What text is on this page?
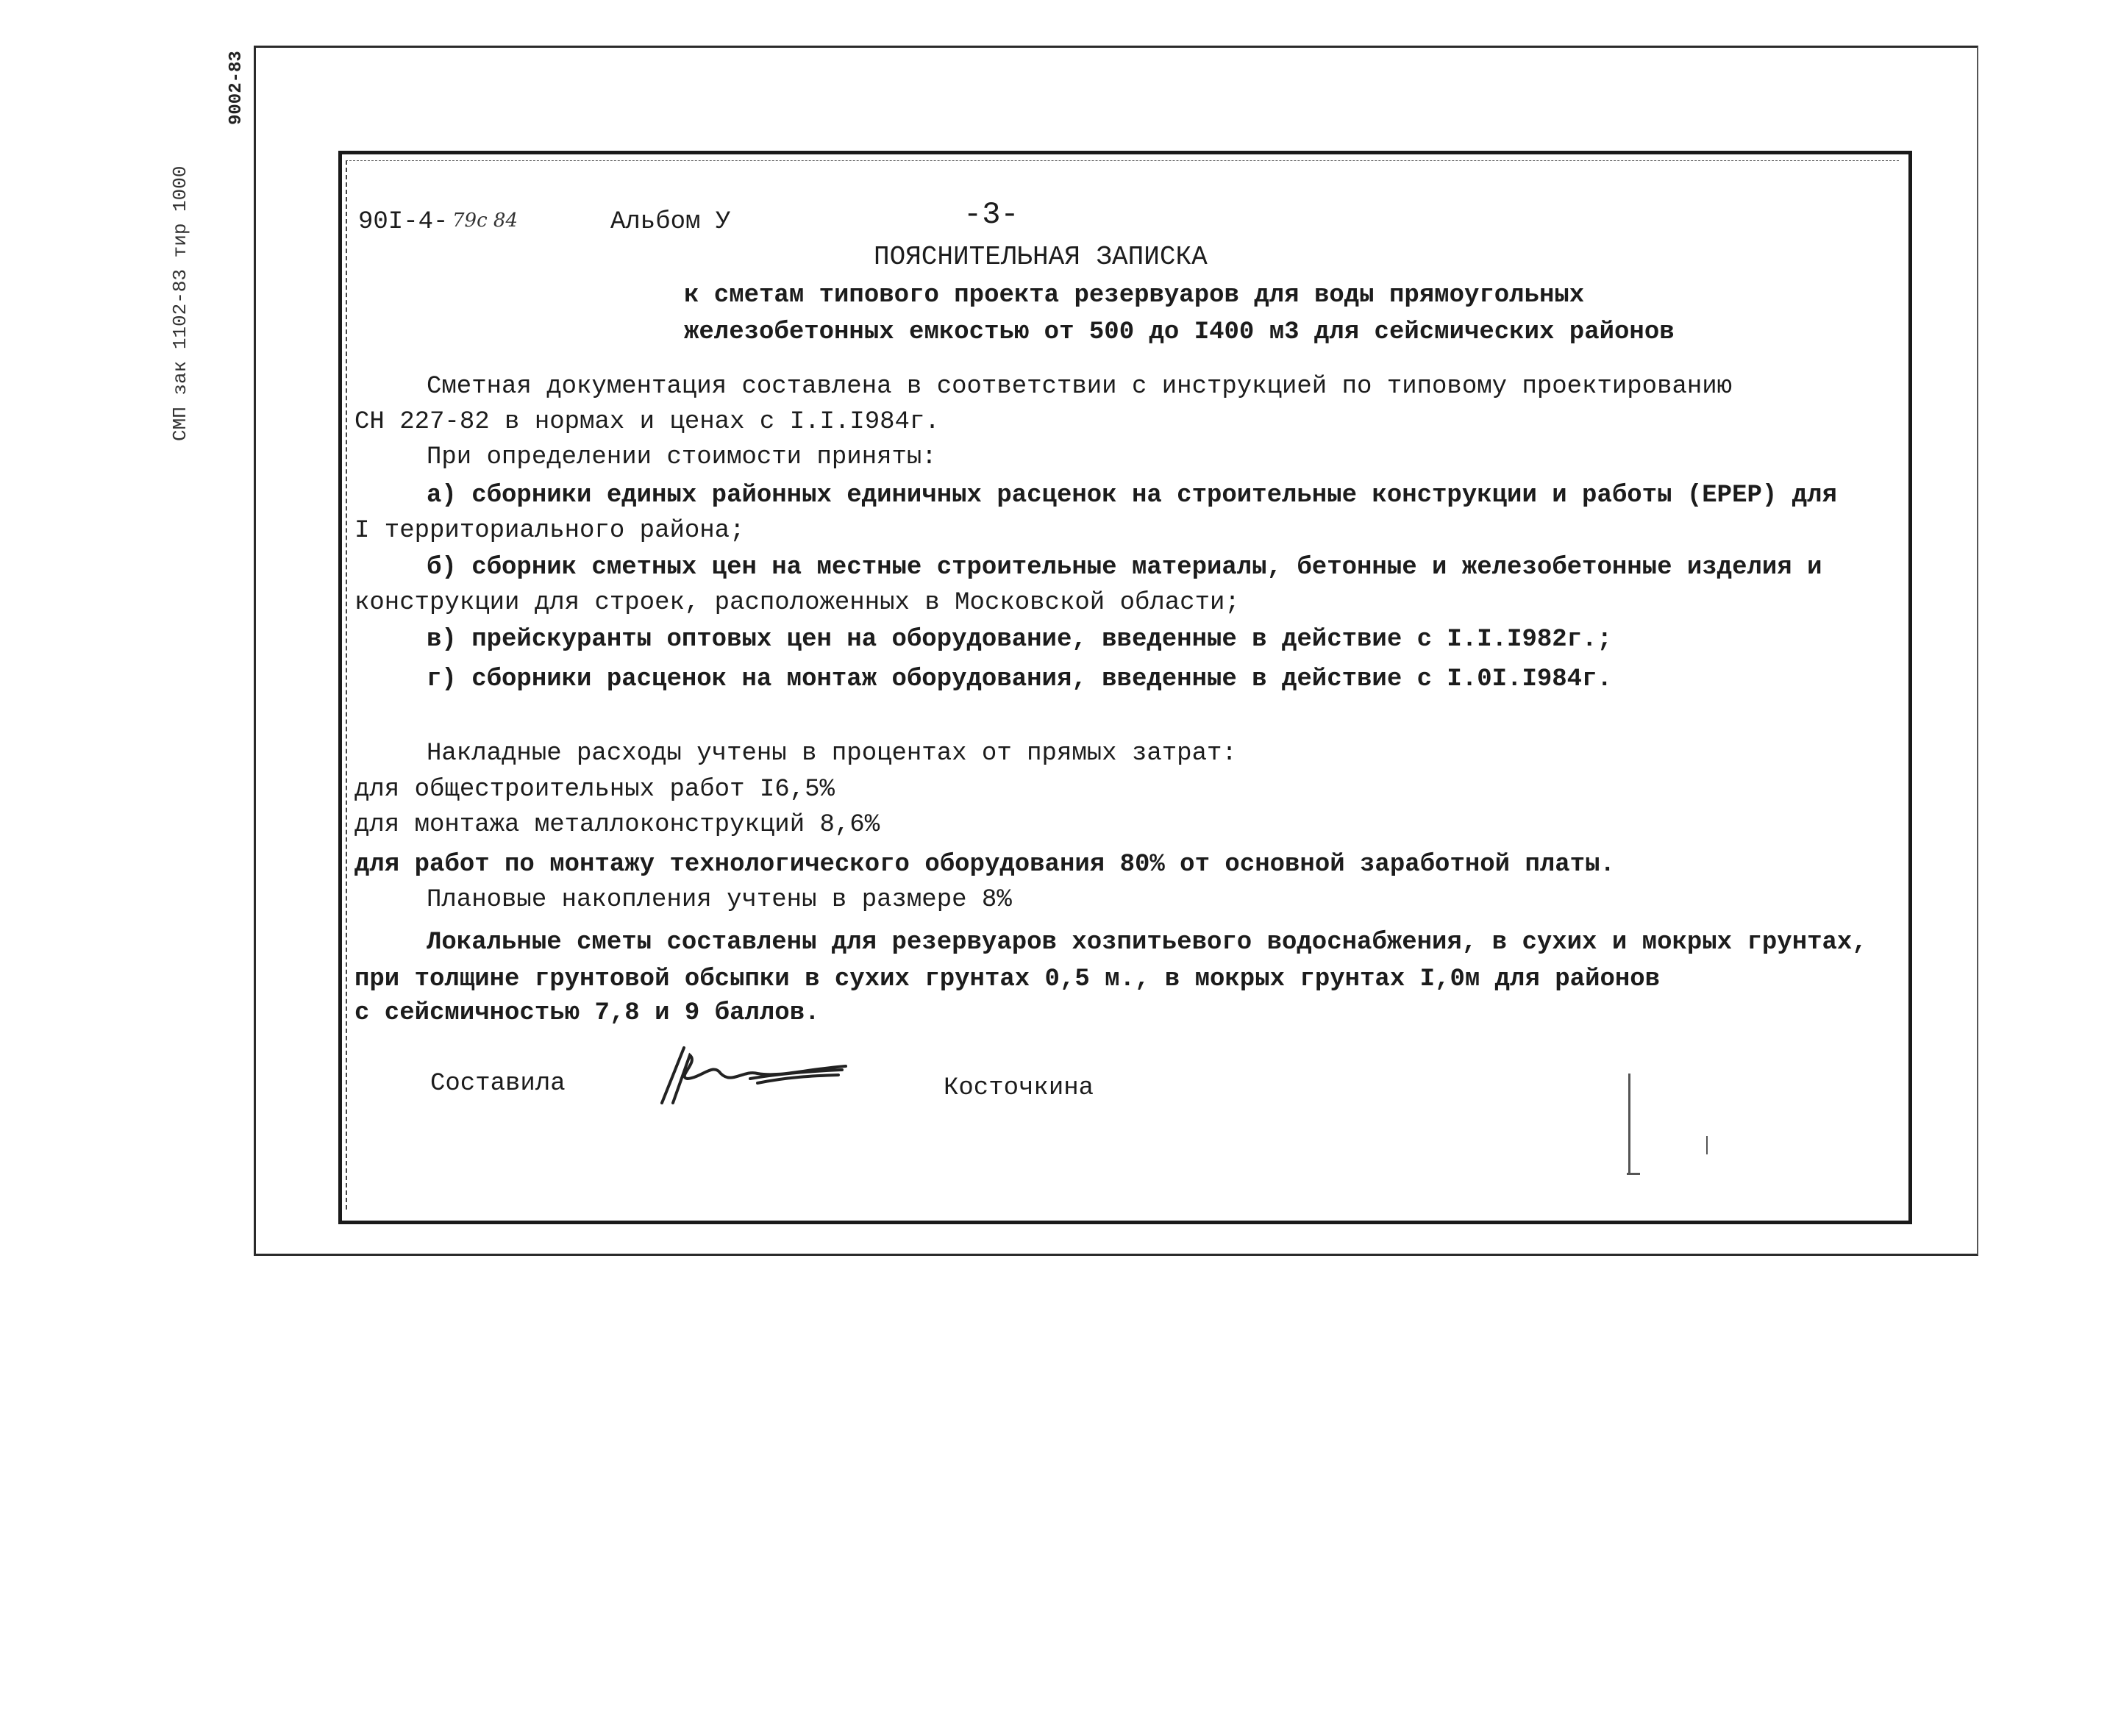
СМП зак 1102-83 тир 1000
9002-83
90I-4- 79с 84	Альбом У	-3-
ПОЯСНИТЕЛЬНАЯ ЗАПИСКА
к сметам типового проекта резервуаров для воды прямоугольных
железобетонных емкостью от 500 до I400 м3 для сейсмических районов
Сметная документация составлена в соответствии с инструкцией по типовому проектированию
СН 227-82 в нормах и ценах с I.I.I984г.
При определении стоимости приняты:
а) сборники единых районных единичных расценок на строительные конструкции и работы (ЕРЕР) для
I территориального района;
б) сборник сметных цен на местные строительные материалы, бетонные и железобетонные изделия и
конструкции для строек, расположенных в Московской области;
в) прейскуранты оптовых цен на оборудование, введенные в действие с I.I.I982г.;
г) сборники расценок на монтаж оборудования, введенные в действие с I.0I.I984г.
Накладные расходы учтены в процентах от прямых затрат:
для общестроительных работ I6,5%
для монтажа металлоконструкций 8,6%
для работ по монтажу технологического оборудования 80% от основной заработной платы.
Плановые накопления учтены в размере 8%
Локальные сметы составлены для резервуаров хозпитьевого водоснабжения, в сухих и мокрых грунтах,
при толщине грунтовой обсыпки в сухих грунтах 0,5 м., в мокрых грунтах I,0м для районов
с сейсмичностью 7,8 и 9 баллов.
Составила	Косточкина
